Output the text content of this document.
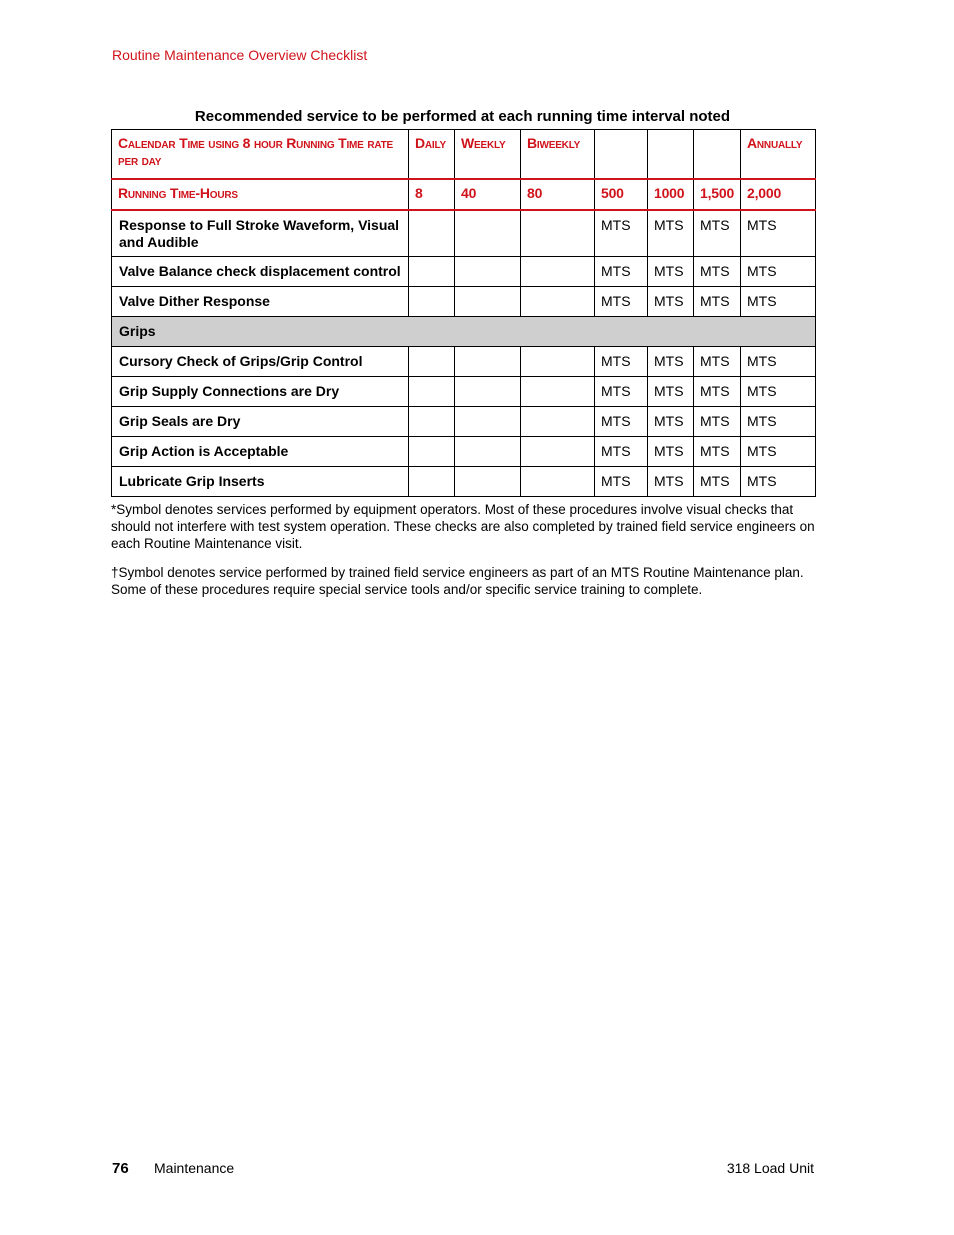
Routine Maintenance Overview Checklist
Recommended service to be performed at each running time interval noted
Calendar Time using 8 hour Running Time rate per day	Daily	Weekly	Biweekly				Annually
Running Time-Hours	8	40	80	500	1000	1,500	2,000
Response to Full Stroke Waveform, Visual and Audible				MTS	MTS	MTS	MTS
Valve Balance check displacement control				MTS	MTS	MTS	MTS
Valve Dither Response				MTS	MTS	MTS	MTS
Grips							
Cursory Check of Grips/Grip Control				MTS	MTS	MTS	MTS
Grip Supply Connections are Dry				MTS	MTS	MTS	MTS
Grip Seals are Dry				MTS	MTS	MTS	MTS
Grip Action is Acceptable				MTS	MTS	MTS	MTS
Lubricate Grip Inserts				MTS	MTS	MTS	MTS

*Symbol denotes services performed by equipment operators. Most of these procedures involve visual checks that should not interfere with test system operation. These checks are also completed by trained field service engineers on each Routine Maintenance visit.

†Symbol denotes service performed by trained field service engineers as part of an MTS Routine Maintenance plan. Some of these procedures require special service tools and/or specific service training to complete.

76 Maintenance	318 Load Unit
